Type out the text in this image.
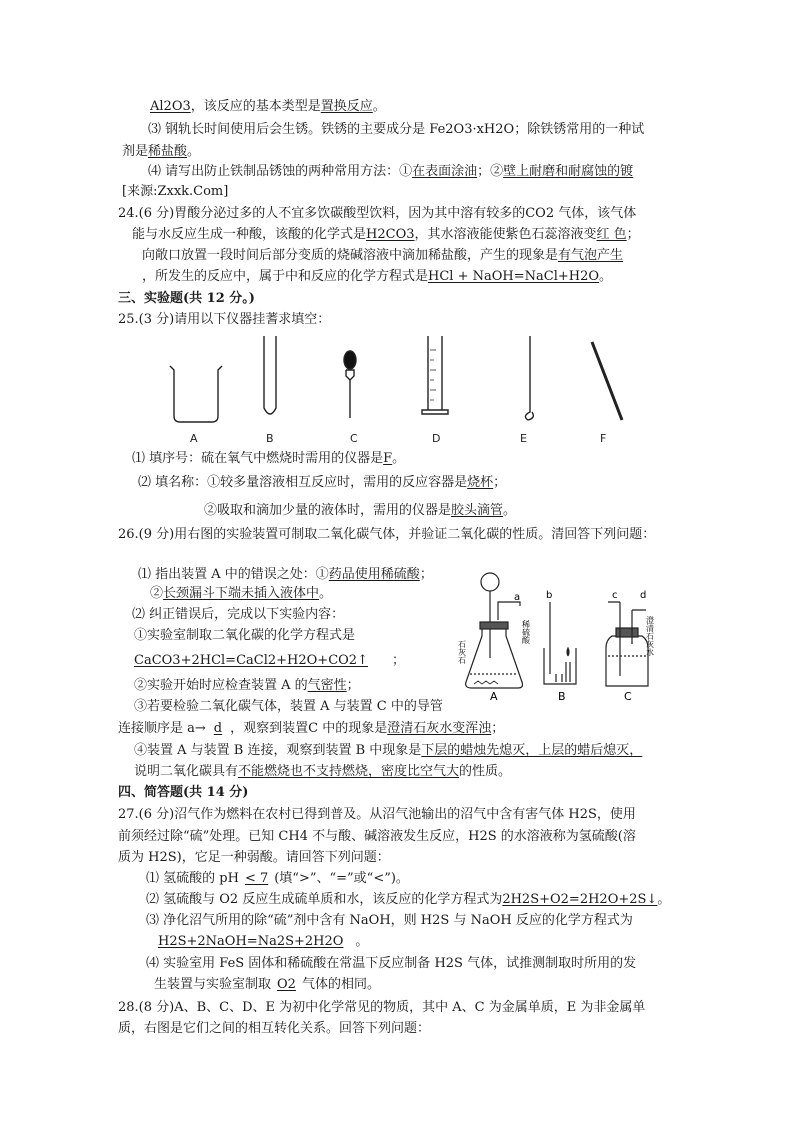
Al2O3，该反应的基本类型是置换反应。
⑶ 钢轨长时间使用后会生锈。铁锈的主要成分是 Fe2O3·xH2O；除铁锈常用的一种试
剂是稀盐酸。
⑷ 请写出防止铁制品锈蚀的两种常用方法：①在表面涂油；②壁上耐磨和耐腐蚀的镀
[来源:Zxxk.Com]
24.(6 分)胃酸分泌过多的人不宜多饮碳酸型饮料，因为其中溶有较多的CO2 气体，该气体
能与水反应生成一种酸，该酸的化学式是H2CO3，其水溶液能使紫色石蕊溶液变红 色；
向敞口放置一段时间后部分变质的烧碱溶液中滴加稀盐酸，产生的现象是有气泡产生
，所发生的反应中，属于中和反应的化学方程式是HCl + NaOH=NaCl+H2O。
三、实验题(共 12 分。)
25.(3 分)请用以下仪器挂蓍求填空：
A	B	C	D	E	F
⑴ 填序号：硫在氧气中燃烧时需用的仪器是F。
⑵ 填名称：①较多量溶液相互反应时，需用的反应容器是烧杯；
②吸取和滴加少量的液体时，需用的仪器是胶头滴管。
26.(9 分)用右图的实验装置可制取二氧化碳气体，并验证二氧化碳的性质。清回答下列问题：
⑴ 指出装置 A 中的错误之处：①药品使用稀硫酸；
②长颈漏斗下端未插入液体中。
⑵ 纠正错误后，完成以下实验内容：
①实验室制取二氧化碳的化学方程式是
CaCO3+2HCl=CaCl2+H2O+CO2↑ ；
②实验开始时应检查装置 A 的气密性；
③若要检验二氧化碳气体，装置 A 与装置 C 中的导管
连接顺序是 a→ d ，观察到装置C 中的现象是澄清石灰水变浑浊；
④装置 A 与装置 B 连接，观察到装置 B 中现象是下层的蜡烛先熄灭，上层的蜡后熄灭，
说明二氧化碳具有不能燃烧也不支持燃烧，密度比空气大的性质。
a	b	c d
石灰石
稀硫酸	澄清石灰水
A	B	C
四、简答题(共 14 分)
27.(6 分)沼气作为燃料在农村已得到普及。从沼气池输出的沼气中含有害气体 H2S，使用
前须经过除“硫”处理。已知 CH4 不与酸、碱溶液发生反应，H2S 的水溶液称为氢硫酸(溶
质为 H2S)，它足一种弱酸。请回答下列问题：
⑴ 氢硫酸的 pH < 7 (填“>”、“=”或“<”)。
⑵ 氢硫酸与 O2 反应生成硫单质和水，该反应的化学方程式为2H2S+O2=2H2O+2S↓。
⑶ 净化沼气所用的除“硫”剂中含有 NaOH，则 H2S 与 NaOH 反应的化学方程式为
H2S+2NaOH=Na2S+2H2O 。
⑷ 实验室用 FeS 固体和稀硫酸在常温下反应制备 H2S 气体，试推测制取时所用的发
生装置与实验室制取 O2 气体的相同。
28.(8 分)A、B、C、D、E 为初中化学常见的物质，其中 A、C 为金属单质，E 为非金属单
质，右图是它们之间的相互转化关系。回答下列问题：
